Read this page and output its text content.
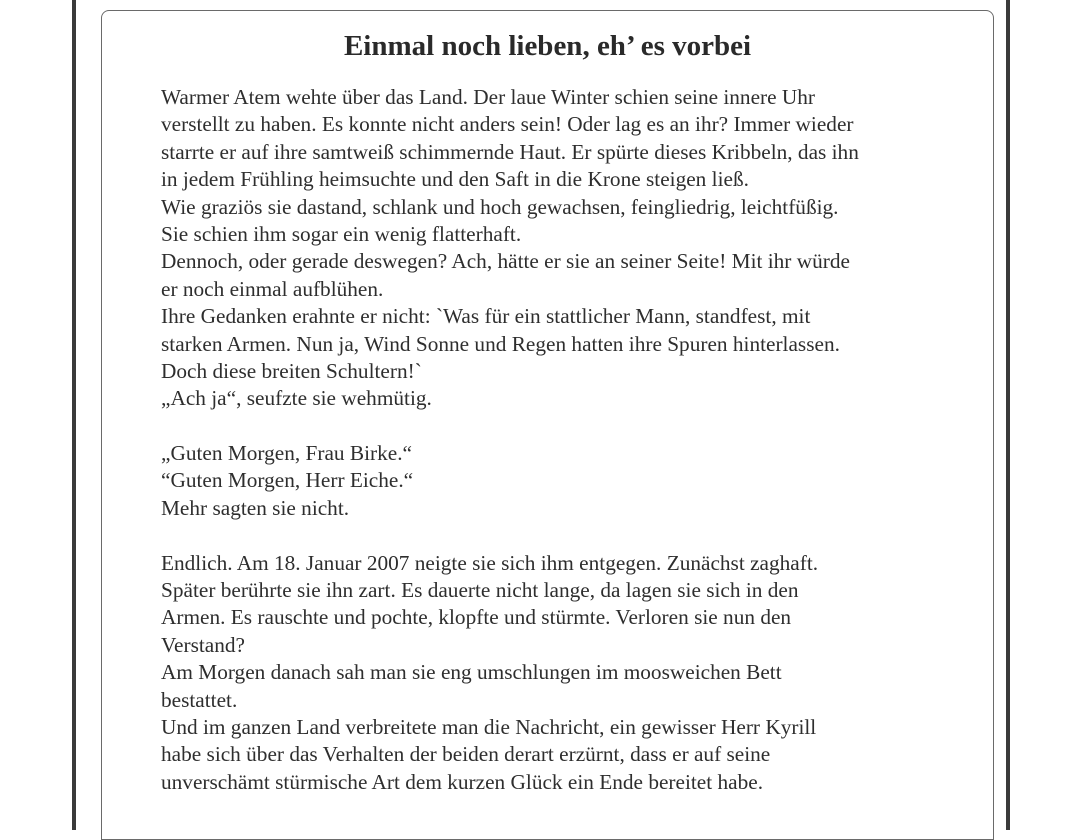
Einmal noch lieben, eh’ es vorbei
Warmer Atem wehte über das Land. Der laue Winter schien seine innere Uhr
verstellt zu haben. Es konnte nicht anders sein! Oder lag es an ihr? Immer wieder
starrte er auf ihre samtweiß schimmernde Haut. Er spürte dieses Kribbeln, das ihn
in jedem Frühling heimsuchte und den Saft in die Krone steigen ließ.
Wie graziös sie dastand, schlank und hoch gewachsen, feingliedrig, leichtfüßig.
Sie schien ihm sogar ein wenig flatterhaft.
Dennoch, oder gerade deswegen? Ach, hätte er sie an seiner Seite! Mit ihr würde
er noch einmal aufblühen.
Ihre Gedanken erahnte er nicht: `Was für ein stattlicher Mann, standfest, mit
starken Armen. Nun ja, Wind Sonne und Regen hatten ihre Spuren hinterlassen.
Doch diese breiten Schultern!`
„Ach ja“, seufzte sie wehmütig.
„Guten Morgen, Frau Birke.“
“Guten Morgen, Herr Eiche.“
Mehr sagten sie nicht.
Endlich. Am 18. Januar 2007 neigte sie sich ihm entgegen. Zunächst zaghaft.
Später berührte sie ihn zart. Es dauerte nicht lange, da lagen sie sich in den
Armen. Es rauschte und pochte, klopfte und stürmte. Verloren sie nun den
Verstand?
Am Morgen danach sah man sie eng umschlungen im moosweichen Bett
bestattet.
Und im ganzen Land verbreitete man die Nachricht, ein gewisser Herr Kyrill
habe sich über das Verhalten der beiden derart erzürnt, dass er auf seine
unverschämt stürmische Art dem kurzen Glück ein Ende bereitet habe.
